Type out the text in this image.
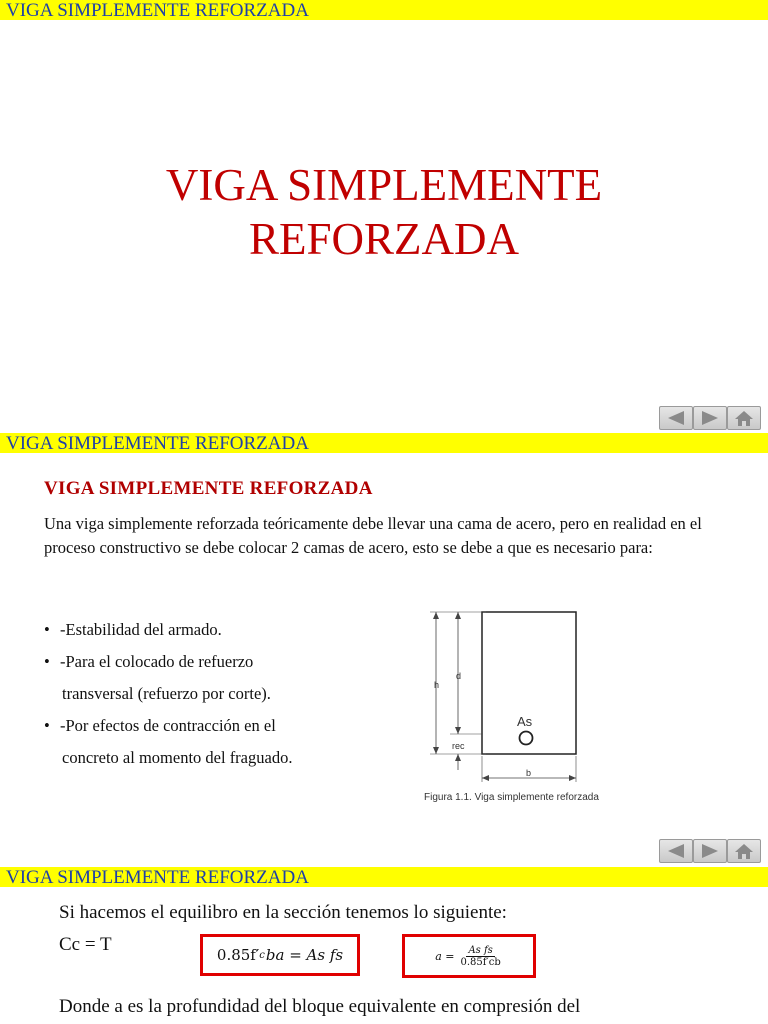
VIGA SIMPLEMENTE REFORZADA
VIGA SIMPLEMENTE
REFORZADA
VIGA SIMPLEMENTE REFORZADA
VIGA SIMPLEMENTE REFORZADA
Una viga simplemente reforzada teóricamente debe llevar una cama de acero, pero en realidad en el proceso constructivo se debe colocar 2 camas de acero, esto se debe a que es necesario para:
• -Estabilidad del armado.
• -Para el colocado de refuerzo
transversal (refuerzo por corte).
• -Por efectos de contracción en el
concreto al momento del fraguado.
As
h
d
rec
b
Figura 1.1. Viga simplemente reforzada
VIGA SIMPLEMENTE REFORZADA
Si hacemos el equilibro en la sección tenemos lo siguiente:
Cc = T	0.85f′ c ba = As fs	$a = \frac{\text{As fs}}{0.85f'cb}$
Donde a es la profundidad del bloque equivalente en compresión del
